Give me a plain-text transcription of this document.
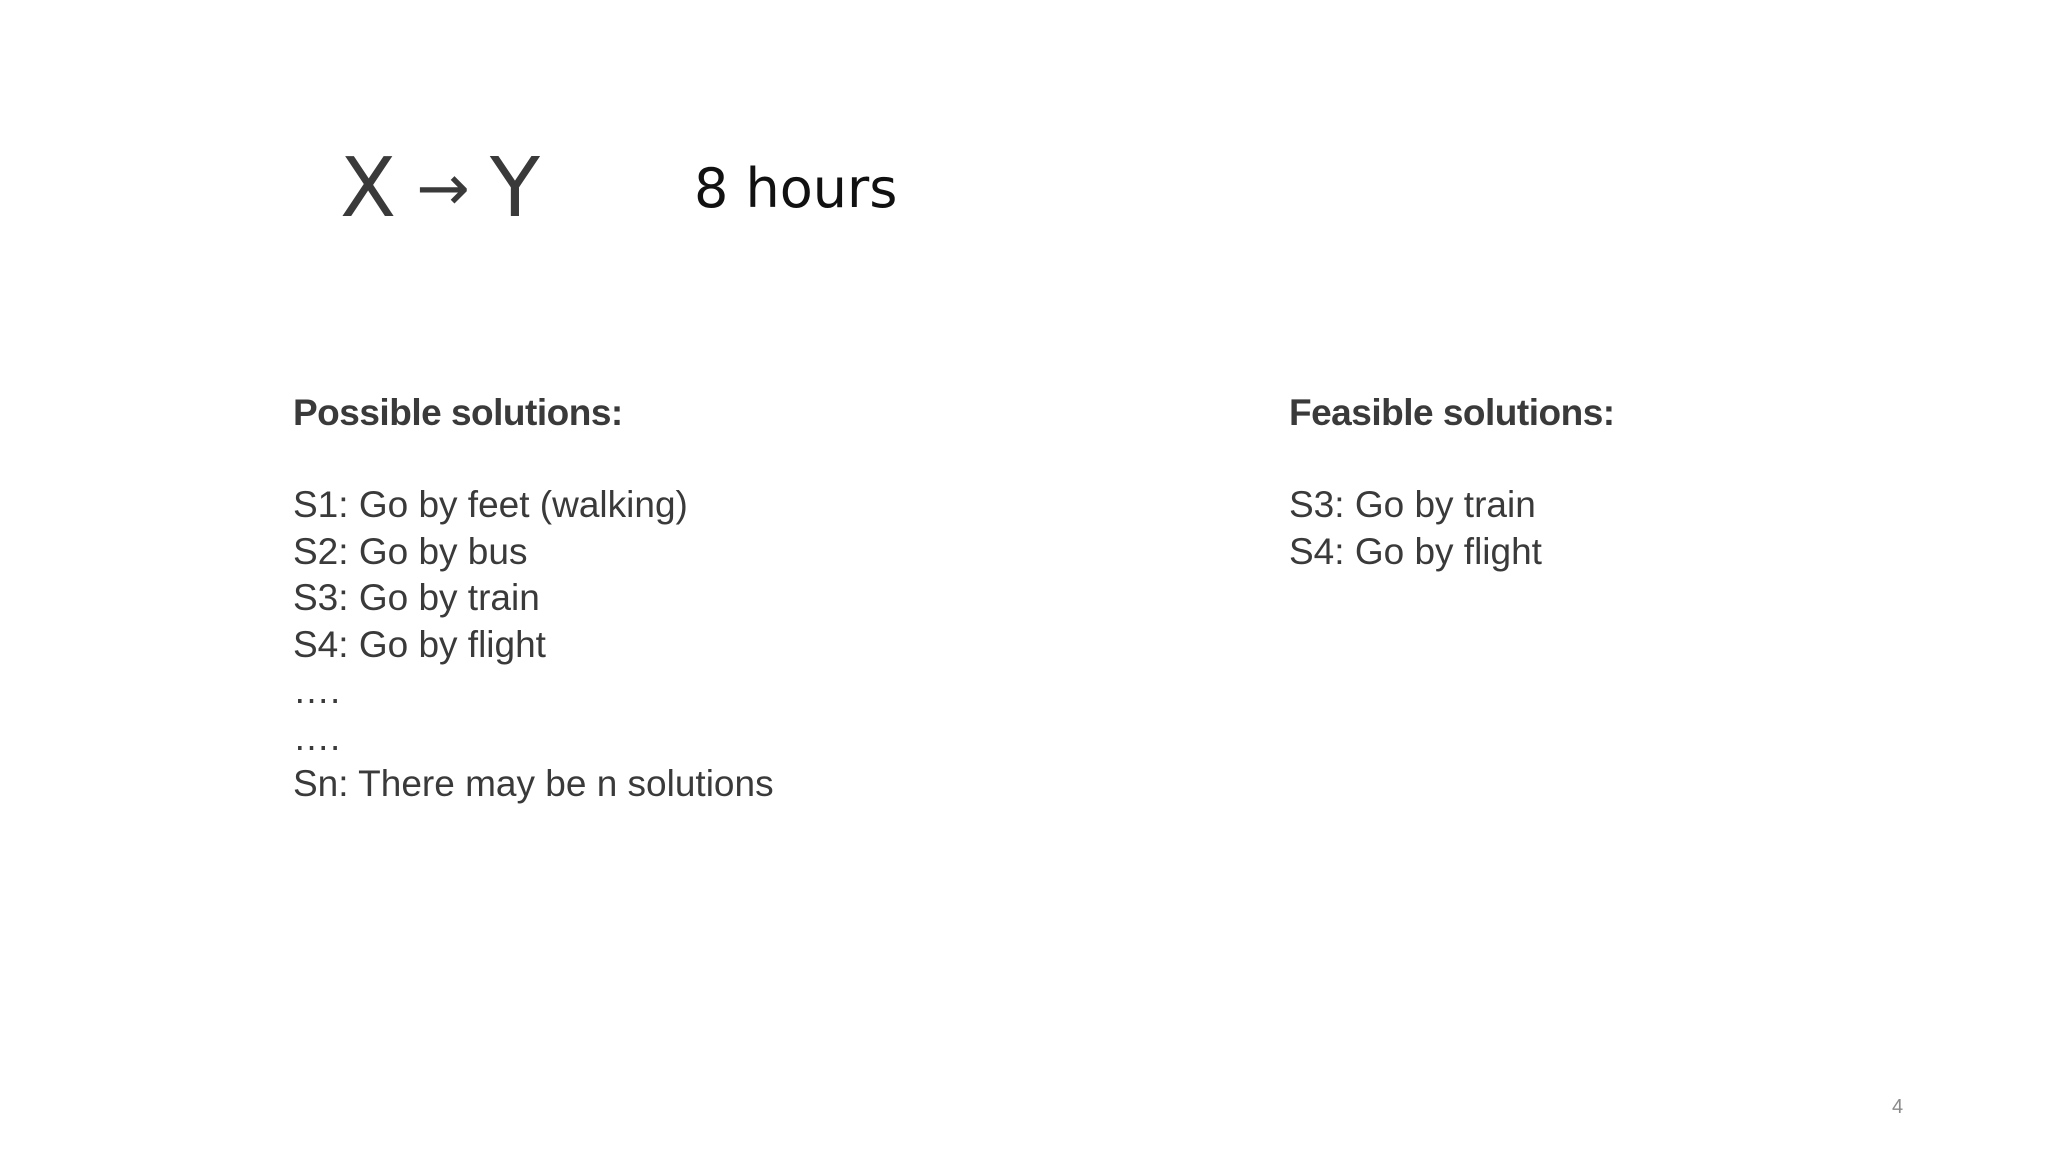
X → Y	8 hours
Possible solutions:
S1: Go by feet (walking)
S2: Go by bus
S3: Go by train
S4: Go by flight
….
….
Sn: There may be n solutions
Feasible solutions:
S3: Go by train
S4: Go by flight
4
